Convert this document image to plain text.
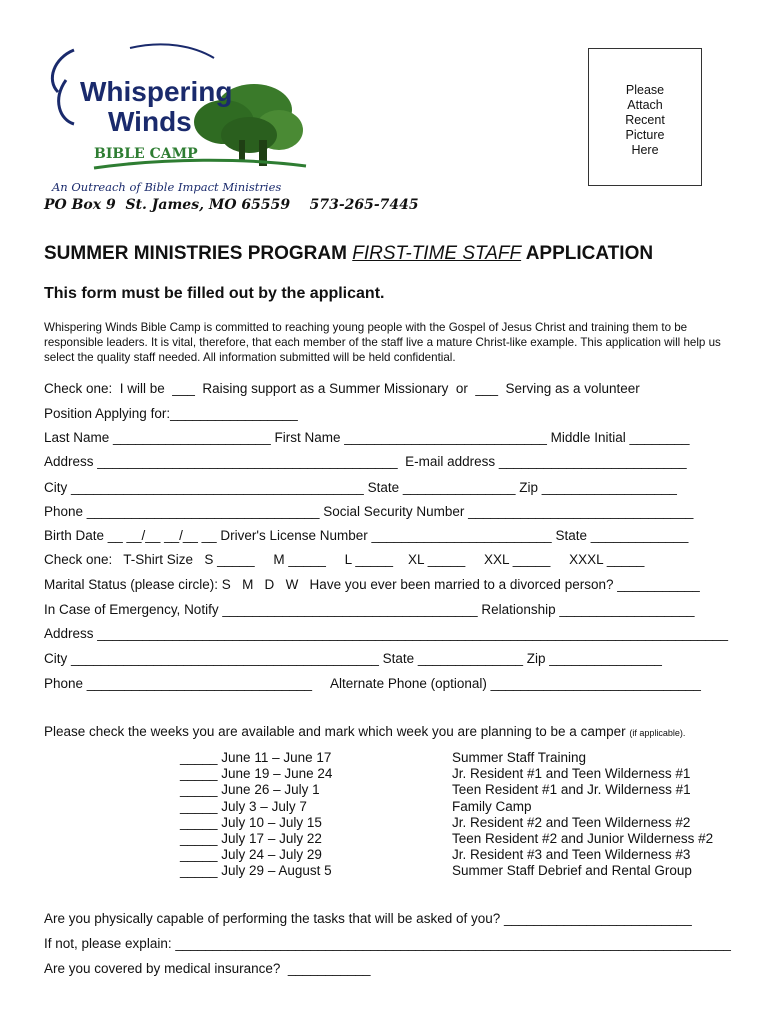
Whispering
Winds
BIBLE CAMP
An Outreach of Bible Impact Ministries
PO Box 9  St. James, MO 65559    573-265-7445
Please
Attach
Recent
Picture
Here
SUMMER MINISTRIES PROGRAM FIRST-TIME STAFF APPLICATION
This form must be filled out by the applicant.
Whispering Winds Bible Camp is committed to reaching young people with the Gospel of Jesus Christ and training them to be responsible leaders. It is vital, therefore, that each member of the staff live a mature Christ-like example. This application will help us select the quality staff needed. All information submitted will be held confidential.
Check one:  I will be  ___  Raising support as a Summer Missionary  or  ___  Serving as a volunteer
Position Applying for:_________________
Last Name _____________________ First Name ___________________________ Middle Initial ________
Address ________________________________________  E-mail address _________________________
City _______________________________________ State _______________ Zip __________________
Phone _______________________________ Social Security Number ______________________________
Birth Date __ __/__ __/__ __ Driver's License Number ________________________ State _____________
Check one:   T-Shirt Size   S _____     M _____     L _____    XL _____     XXL _____     XXXL _____
Marital Status (please circle): S   M   D   W   Have you ever been married to a divorced person? ___________
In Case of Emergency, Notify __________________________________ Relationship __________________
Address ____________________________________________________________________________________
City _________________________________________ State ______________ Zip _______________
Phone ______________________________     Alternate Phone (optional) ____________________________
Please check the weeks you are available and mark which week you are planning to be a camper (if applicable).
_____ June 11 – June 17
_____ June 19 – June 24
_____ June 26 – July 1
_____ July 3 – July 7
_____ July 10 – July 15
_____ July 17 – July 22
_____ July 24 – July 29
_____ July 29 – August 5
Summer Staff Training
Jr. Resident #1 and Teen Wilderness #1
Teen Resident #1 and Jr. Wilderness #1
Family Camp
Jr. Resident #2 and Teen Wilderness #2
Teen Resident #2 and Junior Wilderness #2
Jr. Resident #3 and Teen Wilderness #3
Summer Staff Debrief and Rental Group
Are you physically capable of performing the tasks that will be asked of you? _________________________
If not, please explain: __________________________________________________________________________
Are you covered by medical insurance?  ___________
